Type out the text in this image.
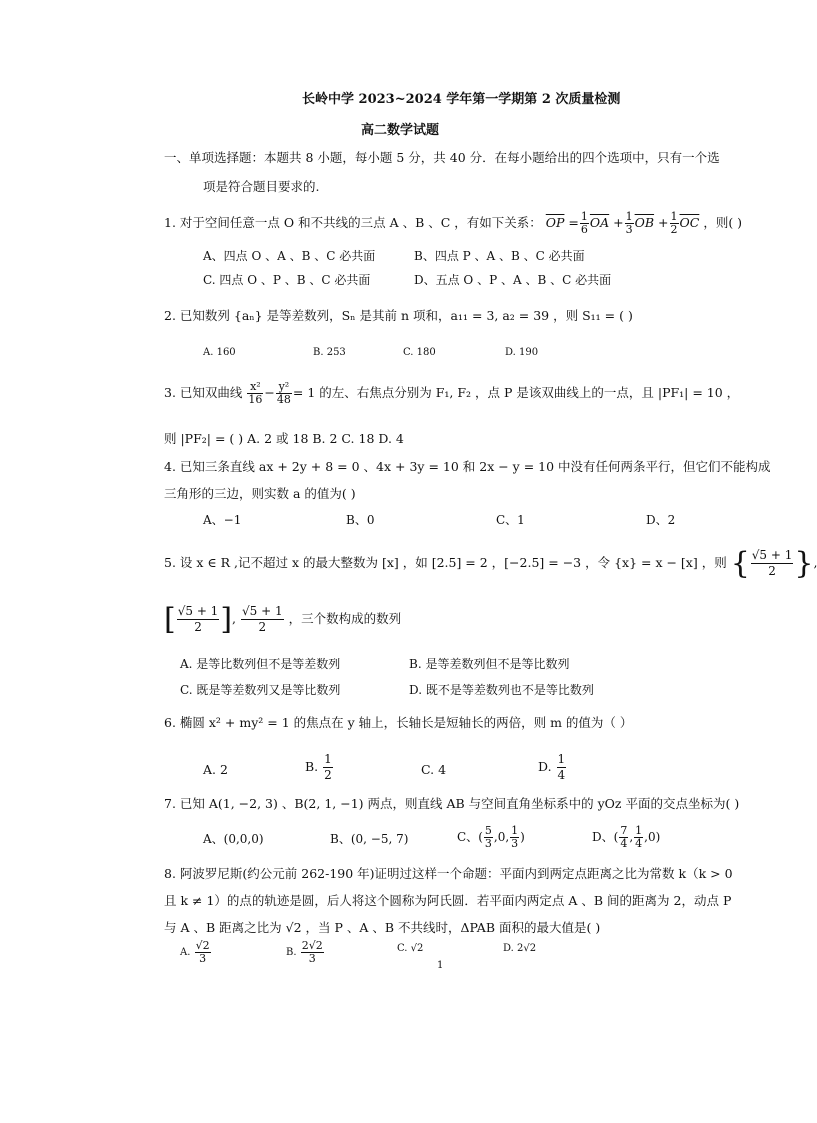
长岭中学 2023~2024 学年第一学期第 2 次质量检测
高二数学试题
一、单项选择题：本题共 8 小题，每小题 5 分，共 40 分．在每小题给出的四个选项中，只有一个选
项是符合题目要求的.
1. 对于空间任意一点 O 和不共线的三点 A 、B 、C ，有如下关系： $\overline{OP} = \frac{1}{6} \overline{OA} + \frac{1}{3} \overline{OB} + \frac{1}{2} \overline{OC}$ ，则( )
A、四点 O 、A 、B 、C 必共面	B、四点 P 、A 、B 、C 必共面
C. 四点 O 、P 、B 、C 必共面	D、五点 O 、P 、A 、B 、C 必共面
2. 已知数列 {aₙ} 是等差数列，Sₙ 是其前 n 项和，a₁₁ = 3, a₂ = 39 ，则 S₁₁ = ( )
A. 160	B. 253	C. 180	D. 190
3. 已知双曲线 $\frac{\text{x²}}{16} - \frac{\text{y²}}{48} = 1$ 的左、右焦点分别为 F₁, F₂ ，点 P 是该双曲线上的一点，且 |PF₁| = 10 ，
则 |PF₂| = ( ) A. 2 或 18 B. 2 C. 18 D. 4
4. 已知三条直线 ax + 2y + 8 = 0 、4x + 3y = 10 和 2x − y = 10 中没有任何两条平行，但它们不能构成
三角形的三边，则实数 a 的值为( )
A、−1	B、0	C、1	D、2
5. 设 x ∈ R ,记不超过 x 的最大整数为 [x] ，如 [2.5] = 2 ，[−2.5] = −3 ，令 {x} = x − [x] ，则 { $\frac{√5 + 1}{2}$ }
[ $\frac{√5 + 1}{2}$ ], $\frac{√5 + 1}{2}$ ，三个数构成的数列
A. 是等比数列但不是等差数列	B. 是等差数列但不是等比数列
C. 既是等差数列又是等比数列	D. 既不是等差数列也不是等比数列
6. 椭圆 x² + my² = 1 的焦点在 y 轴上，长轴长是短轴长的两倍，则 m 的值为（ ）
A. 2	B. $\frac{1}{2}$	C. 4	D. $\frac{1}{4}$
7. 已知 A(1, −2, 3) 、B(2, 1, −1) 两点，则直线 AB 与空间直角坐标系中的 yOz 平面的交点坐标为( )
A、(0,0,0)	B、(0, −5, 7)	C、( $\frac{5}{3} ,0$, $\frac{1}{3}$ )	D、( $\frac{7}{4}$ , $\frac{1}{4} ,0$)
8. 阿波罗尼斯(约公元前 262-190 年)证明过这样一个命题：平面内到两定点距离之比为常数 k（k > 0
且 k ≠ 1）的点的轨迹是圆，后人将这个圆称为阿氏圆．若平面内两定点 A 、B 间的距离为 2，动点 P
与 A 、B 距离之比为 √2 ，当 P 、A 、B 不共线时，ΔPAB 面积的最大值是( )
A. $\frac{√2}{3}$	B. $\frac{2√2}{3}$	C. √2	D. 2√2
1
